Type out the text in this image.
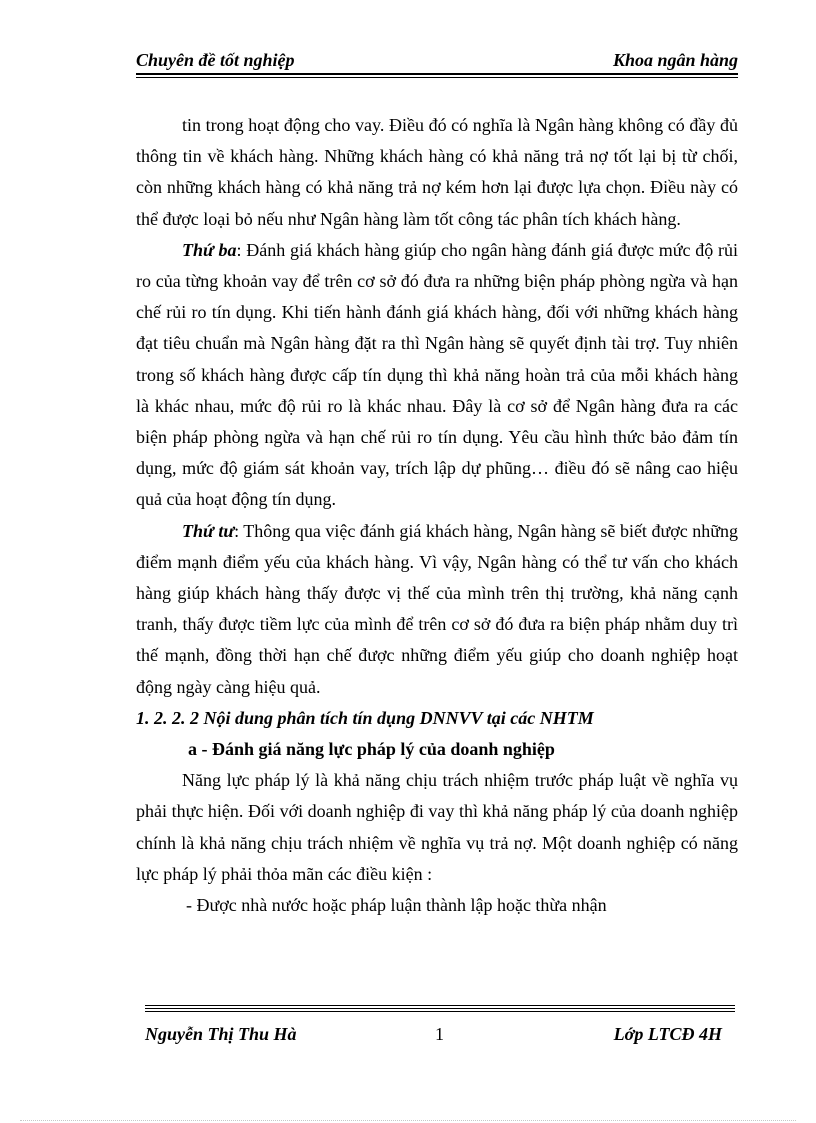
Chuyên đề tốt nghiệp	Khoa ngân hàng

tin trong hoạt động cho vay. Điều đó có nghĩa là Ngân hàng không có đầy đủ thông tin về khách hàng. Những khách hàng có khả năng trả nợ tốt lại bị từ chối, còn những khách hàng có khả năng trả nợ kém hơn lại được lựa chọn. Điều này có thể được loại bỏ nếu như Ngân hàng làm tốt công tác phân tích khách hàng.

Thứ ba: Đánh giá khách hàng giúp cho ngân hàng đánh giá được mức độ rủi ro của từng khoản vay để trên cơ sở đó đưa ra những biện pháp phòng ngừa và hạn chế rủi ro tín dụng. Khi tiến hành đánh giá khách hàng, đối với những khách hàng đạt tiêu chuẩn mà Ngân hàng đặt ra thì Ngân hàng sẽ quyết định tài trợ. Tuy nhiên trong số khách hàng được cấp tín dụng thì khả năng hoàn trả của mỗi khách hàng là khác nhau, mức độ rủi ro là khác nhau. Đây là cơ sở để Ngân hàng đưa ra các biện pháp phòng ngừa và hạn chế rủi ro tín dụng. Yêu cầu hình thức bảo đảm tín dụng, mức độ giám sát khoản vay, trích lập dự phũng… điều đó sẽ nâng cao hiệu quả của hoạt động tín dụng.

Thứ tư: Thông qua việc đánh giá khách hàng, Ngân hàng sẽ biết được những điểm mạnh điểm yếu của khách hàng. Vì vậy, Ngân hàng có thể tư vấn cho khách hàng giúp khách hàng thấy được vị thế của mình trên thị trường, khả năng cạnh tranh, thấy được tiềm lực của mình để trên cơ sở đó đưa ra biện pháp nhằm duy trì thế mạnh, đồng thời hạn chế được những điểm yếu giúp cho doanh nghiệp hoạt động ngày càng hiệu quả.

1. 2. 2. 2 Nội dung phân tích tín dụng DNNVV tại các NHTM

a - Đánh giá năng lực pháp lý của doanh nghiệp

Năng lực pháp lý là khả năng chịu trách nhiệm trước pháp luật về nghĩa vụ phải thực hiện. Đối với doanh nghiệp đi vay thì khả năng pháp lý của doanh nghiệp chính là khả năng chịu trách nhiệm về nghĩa vụ trả nợ. Một doanh nghiệp có năng lực pháp lý phải thỏa mãn các điều kiện :

- Được nhà nước hoặc pháp luận thành lập hoặc thừa nhận

Nguyễn Thị Thu Hà	1	Lớp LTCĐ 4H
